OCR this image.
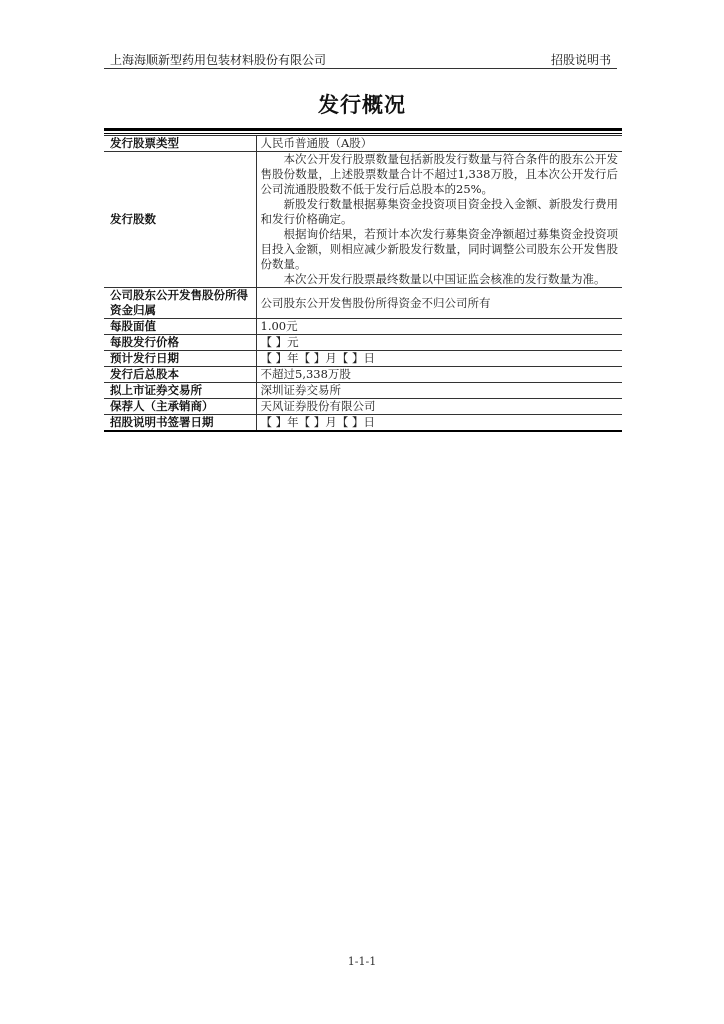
上海海顺新型药用包装材料股份有限公司	招股说明书
发行概况
发行股票类型	人民币普通股（A股）
发行股数	本次公开发行股票数量包括新股发行数量与符合条件的股东公开发售股份数量，上述股票数量合计不超过1,338万股，且本次公开发行后公司流通股股数不低于发行后总股本的25%。
新股发行数量根据募集资金投资项目资金投入金额、新股发行费用和发行价格确定。
根据询价结果，若预计本次发行募集资金净额超过募集资金投资项目投入金额，则相应减少新股发行数量，同时调整公司股东公开发售股份数量。
本次公开发行股票最终数量以中国证监会核准的发行数量为准。

公司股东公开发售股份所得资金归属	公司股东公开发售股份所得资金不归公司所有
每股面值	1.00元
每股发行价格	【 】元
预计发行日期	【 】年【 】月【 】日
发行后总股本	不超过5,338万股
拟上市证券交易所	深圳证券交易所
保荐人（主承销商）	天风证券股份有限公司
招股说明书签署日期	【 】年【 】月【 】日
1-1-1
